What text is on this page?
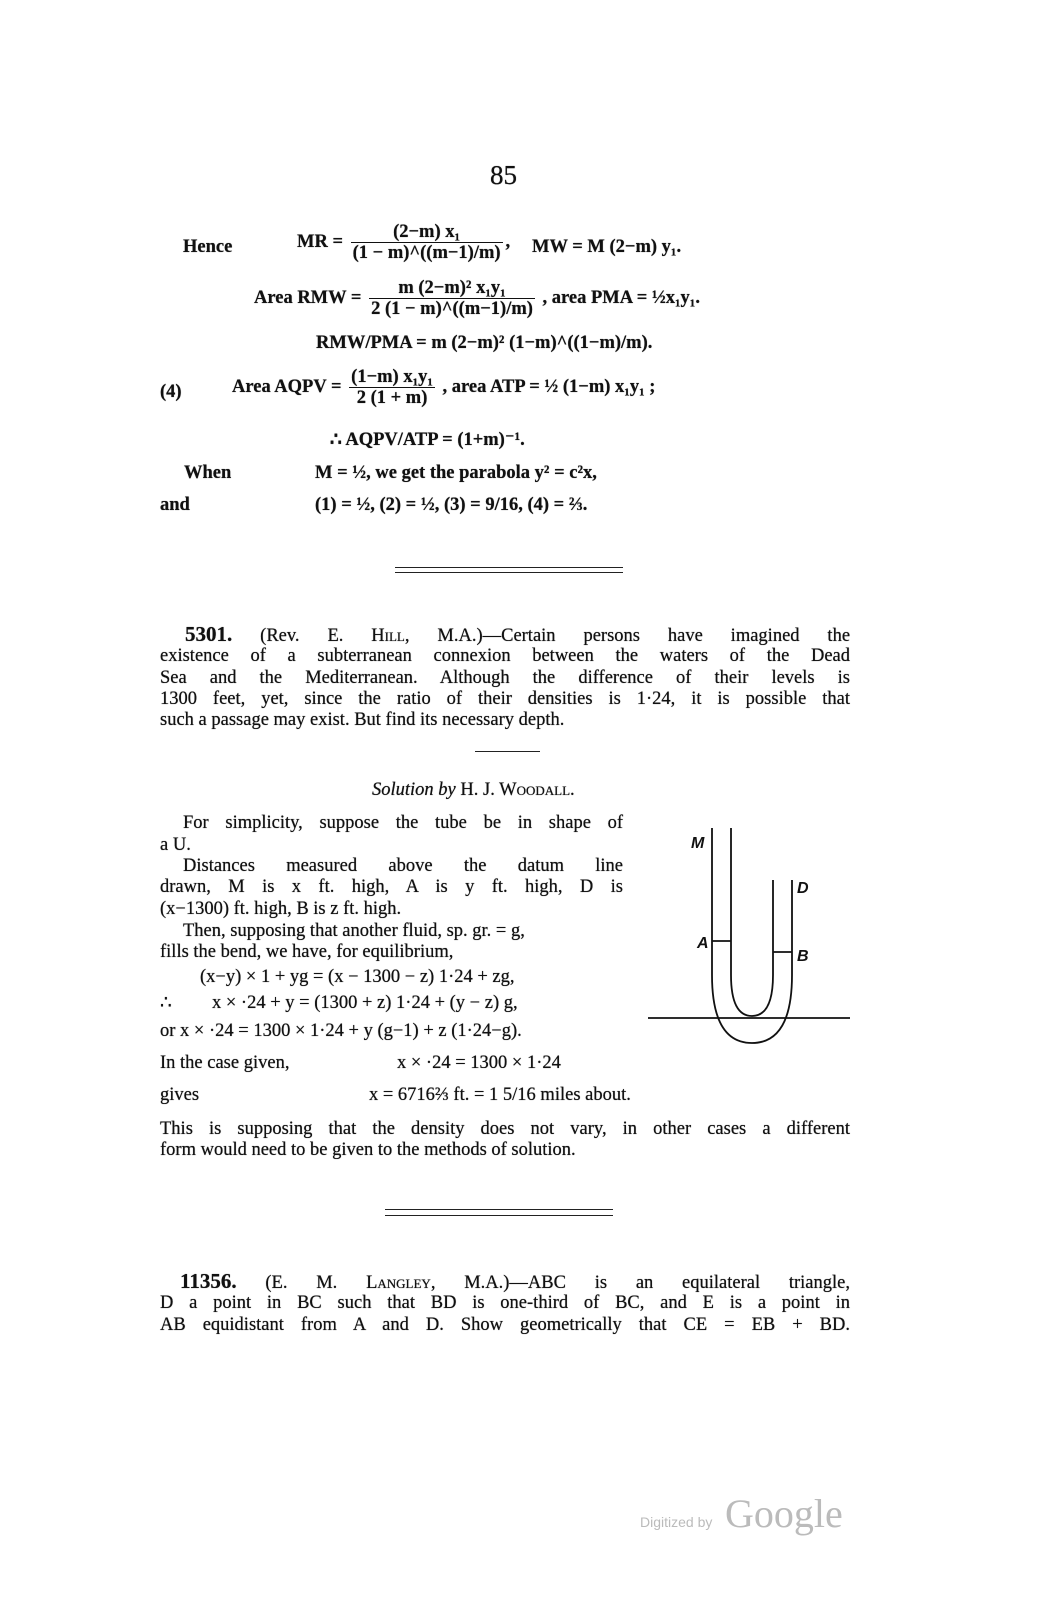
85
Hence	MR = $\frac{\text{(2−m) x₁}}{(1 - m)\^{}((m-1)/m)}$ , MW = M (2−m) y₁.
Area RMW = $\frac{\text{m (2−m)² x₁y₁}}{2 (1 - m)\^{}((m-1)/m)}$ , area PMA = ½x₁y₁.
RMW/PMA = m (2−m)² (1−m)^((1−m)/m).
(4)	Area AQPV = $\frac{\text{(1−m) x₁y₁}}{2 (1 + m)}$ , area ATP = ½ (1−m) x₁y₁ ;
∴ AQPV/ATP = (1+m)⁻¹.
When	M = ½, we get the parabola y² = c²x,
and	(1) = ½, (2) = ½, (3) = 9/16, (4) = ⅔.
5301. (Rev. E. Hill, M.A.)—Certain persons have imagined the
existence of a subterranean connexion between the waters of the Dead
Sea and the Mediterranean. Although the difference of their levels is
1300 feet, yet, since the ratio of their densities is 1·24, it is possible that
such a passage may exist. But find its necessary depth.
Solution by H. J. Woodall.
For simplicity, suppose the tube be in shape of
a U.
Distances measured above the datum line
drawn, M is x ft. high, A is y ft. high, D is
(x−1300) ft. high, B is z ft. high.
Then, supposing that another fluid, sp. gr. = g,
fills the bend, we have, for equilibrium,
(x−y) × 1 + yg = (x − 1300 − z) 1·24 + zg,
∴ x × ·24 + y = (1300 + z) 1·24 + (y − z) g,
or x × ·24 = 1300 × 1·24 + y (g−1) + z (1·24−g).
In the case given,	x × ·24 = 1300 × 1·24
gives	x = 6716⅔ ft. = 1 5/16 miles about.
This is supposing that the density does not vary, in other cases a different
form would need to be given to the methods of solution.
M
D
A
B
11356. (E. M. Langley, M.A.)—ABC is an equilateral triangle,
D a point in BC such that BD is one-third of BC, and E is a point in
AB equidistant from A and D. Show geometrically that CE = EB + BD.
Digitized by Google
